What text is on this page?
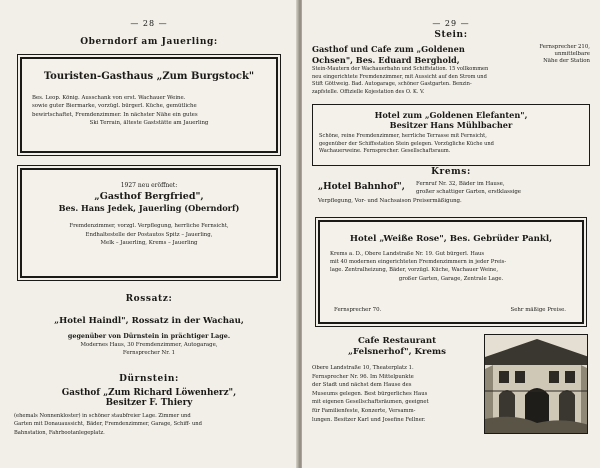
— 28 —
Oberndorf am Jauerling:
Touristen-Gasthaus „Zum Burgstock"
Bes. Leop. König. Ausschank von erst. Wachauer Weine.
sowie guter Biermarke, vorzügl. bürgerl. Küche, gemütliche
bewirtschaftet, Fremdenzimmer. In nächster Nähe ein gutes
Ski Terrain, älteste Gaststätte am Jauerling
1927 neu eröffnet:
„Gasthof Bergfried",
Bes. Hans Jedek, Jauerling (Oberndorf)
Fremdenzimmer, vorzgl. Verpflegung, herrliche Fernsicht,
Endhaltestelle der Postautos Spitz – Jauerling,
Melk – Jauerling, Krems – Jauerling
Rossatz:
„Hotel Haindl", Rossatz in der Wachau,
gegenüber von Dürnstein in prächtiger Lage.
Modernes Haus, 30 Fremdenzimmer, Autogarage,
Fernsprecher Nr. 1
Dürnstein:
Gasthof „Zum Richard Löwenherz",
Besitzer F. Thiery
(ehemals Nonnenkloster) in schöner staubfreier Lage. Zimmer und
Garten mit Donauaussicht, Bäder, Fremdenzimmer, Garage, Schiff- und
Bahnstation, Fahrbootanlegeplatz.
— 29 —
Stein:
Gasthof und Cafe zum „Goldenen
Ochsen", Bes. Eduard Berghold,
Fernsprecher 210,
unmittelbare
Nähe der Station
Stein-Mautern der Wachauerbahn und Schiffstation. 15 vollkommen
neu eingerichtete Fremdenzimmer, mit Aussicht auf den Strom und
Stift Göttweig. Bad. Autogarage, schöner Gastgarten. Benzin-
zapfstelle. Offizielle Kojestation des Ö. K. V.
Hotel zum „Goldenen Elefanten",
Besitzer Hans Mühlbacher
Schöne, reine Fremdenzimmer, herrliche Terrasse mit Fernsicht,
gegenüber der Schiffsstation Stein gelegen. Vorzügliche Küche und
Wachauerweine. Fernsprecher. Gesellschaftsraum.
Krems:
„Hotel Bahnhof", Fernruf Nr. 32, Bäder im Hause,
großer schattiger Garten, erstklassige
Verpflegung, Vor- und Nachsaison Preisermäßigung.
Hotel „Weiße Rose", Bes. Gebrüder Pankl,
Krems a. D., Obere Landstraße Nr. 19. Gut bürgerl. Haus
mit 40 modernen eingerichteten Fremdenzimmern in jeder Preis-
lage. Zentralheizung, Bäder, vorzügl. Küche, Wachauer Weine,
großer Garten, Garage, Zentrale Lage.
Fernsprecher 70.	Sehr mäßige Preise.
Cafe Restaurant
„Felsnerhof", Krems
Obere Landstraße 10, Theaterplatz 1.
Fernsprecher Nr. 96. Im Mittelpunkte
der Stadt und nächst dem Hause des
Museums gelegen. Best bürgerliches Haus
mit eigenen Gesellschaftsräumen, geeignet
für Familienfeste, Konzerte, Versamm-
lungen. Besitzer Karl und Josefine Fellner.
